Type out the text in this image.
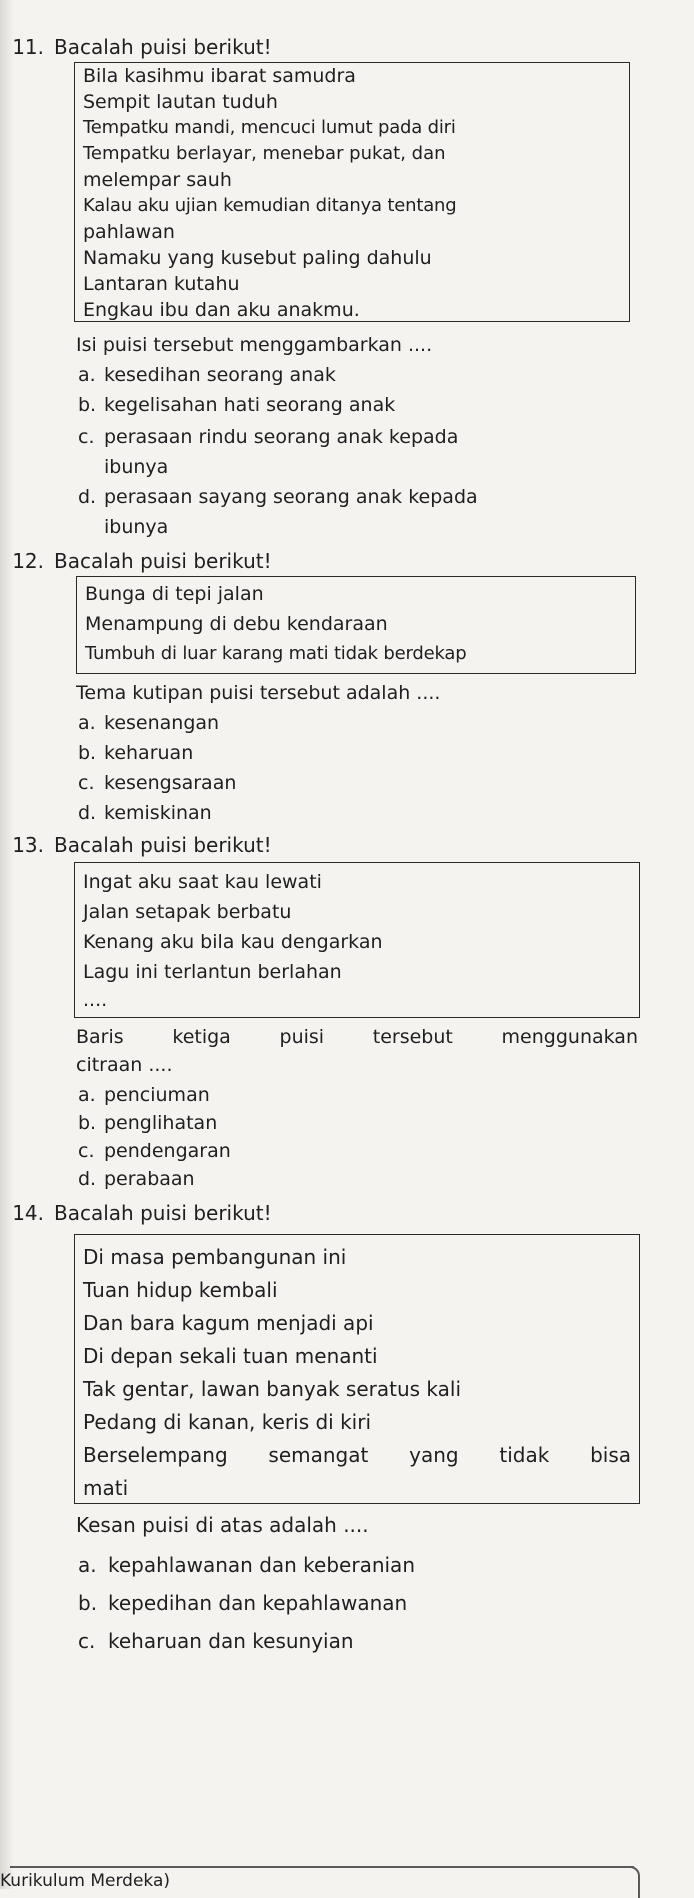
11. Bacalah puisi berikut!
Bila kasihmu ibarat samudra
Sempit lautan tuduh
Tempatku mandi, mencuci lumut pada diri
Tempatku berlayar, menebar pukat, dan
melempar sauh
Kalau aku ujian kemudian ditanya tentang
pahlawan
Namaku yang kusebut paling dahulu
Lantaran kutahu
Engkau ibu dan aku anakmu.
Isi puisi tersebut menggambarkan ....
a. kesedihan seorang anak
b. kegelisahan hati seorang anak
c. perasaan rindu seorang anak kepada
ibunya
d. perasaan sayang seorang anak kepada
ibunya
12. Bacalah puisi berikut!
Bunga di tepi jalan
Menampung di debu kendaraan
Tumbuh di luar karang mati tidak berdekap
Tema kutipan puisi tersebut adalah ....
a. kesenangan
b. keharuan
c. kesengsaraan
d. kemiskinan
13. Bacalah puisi berikut!
Ingat aku saat kau lewati
Jalan setapak berbatu
Kenang aku bila kau dengarkan
Lagu ini terlantun berlahan
....
Baris ketiga puisi tersebut menggunakan
citraan ....
a. penciuman
b. penglihatan
c. pendengaran
d. perabaan
14. Bacalah puisi berikut!
Di masa pembangunan ini
Tuan hidup kembali
Dan bara kagum menjadi api
Di depan sekali tuan menanti
Tak gentar, lawan banyak seratus kali
Pedang di kanan, keris di kiri
Berselempang semangat yang tidak bisa
mati
Kesan puisi di atas adalah ....
a. kepahlawanan dan keberanian
b. kepedihan dan kepahlawanan
c. keharuan dan kesunyian
Kurikulum Merdeka)
